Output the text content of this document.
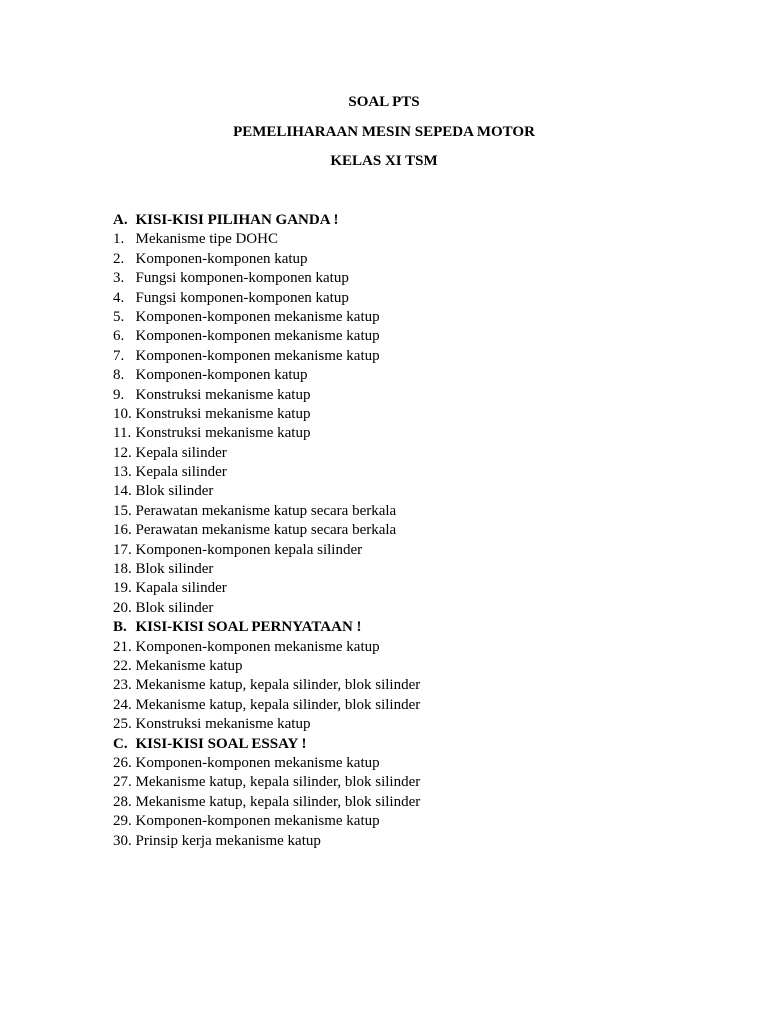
SOAL PTS
PEMELIHARAAN MESIN SEPEDA MOTOR
KELAS XI TSM
A. KISI-KISI PILIHAN GANDA !
1. Mekanisme tipe DOHC
2. Komponen-komponen katup
3. Fungsi komponen-komponen katup
4. Fungsi komponen-komponen katup
5. Komponen-komponen mekanisme katup
6. Komponen-komponen mekanisme katup
7. Komponen-komponen mekanisme katup
8. Komponen-komponen katup
9. Konstruksi mekanisme katup
10. Konstruksi mekanisme katup
11. Konstruksi mekanisme katup
12. Kepala silinder
13. Kepala silinder
14. Blok silinder
15. Perawatan mekanisme katup secara berkala
16. Perawatan mekanisme katup secara berkala
17. Komponen-komponen kepala silinder
18. Blok silinder
19. Kapala silinder
20. Blok silinder
B. KISI-KISI SOAL PERNYATAAN !
21. Komponen-komponen mekanisme katup
22. Mekanisme katup
23. Mekanisme katup, kepala silinder, blok silinder
24. Mekanisme katup, kepala silinder, blok silinder
25. Konstruksi mekanisme katup
C. KISI-KISI SOAL ESSAY !
26. Komponen-komponen mekanisme katup
27. Mekanisme katup, kepala silinder, blok silinder
28. Mekanisme katup, kepala silinder, blok silinder
29. Komponen-komponen mekanisme katup
30. Prinsip kerja mekanisme katup
